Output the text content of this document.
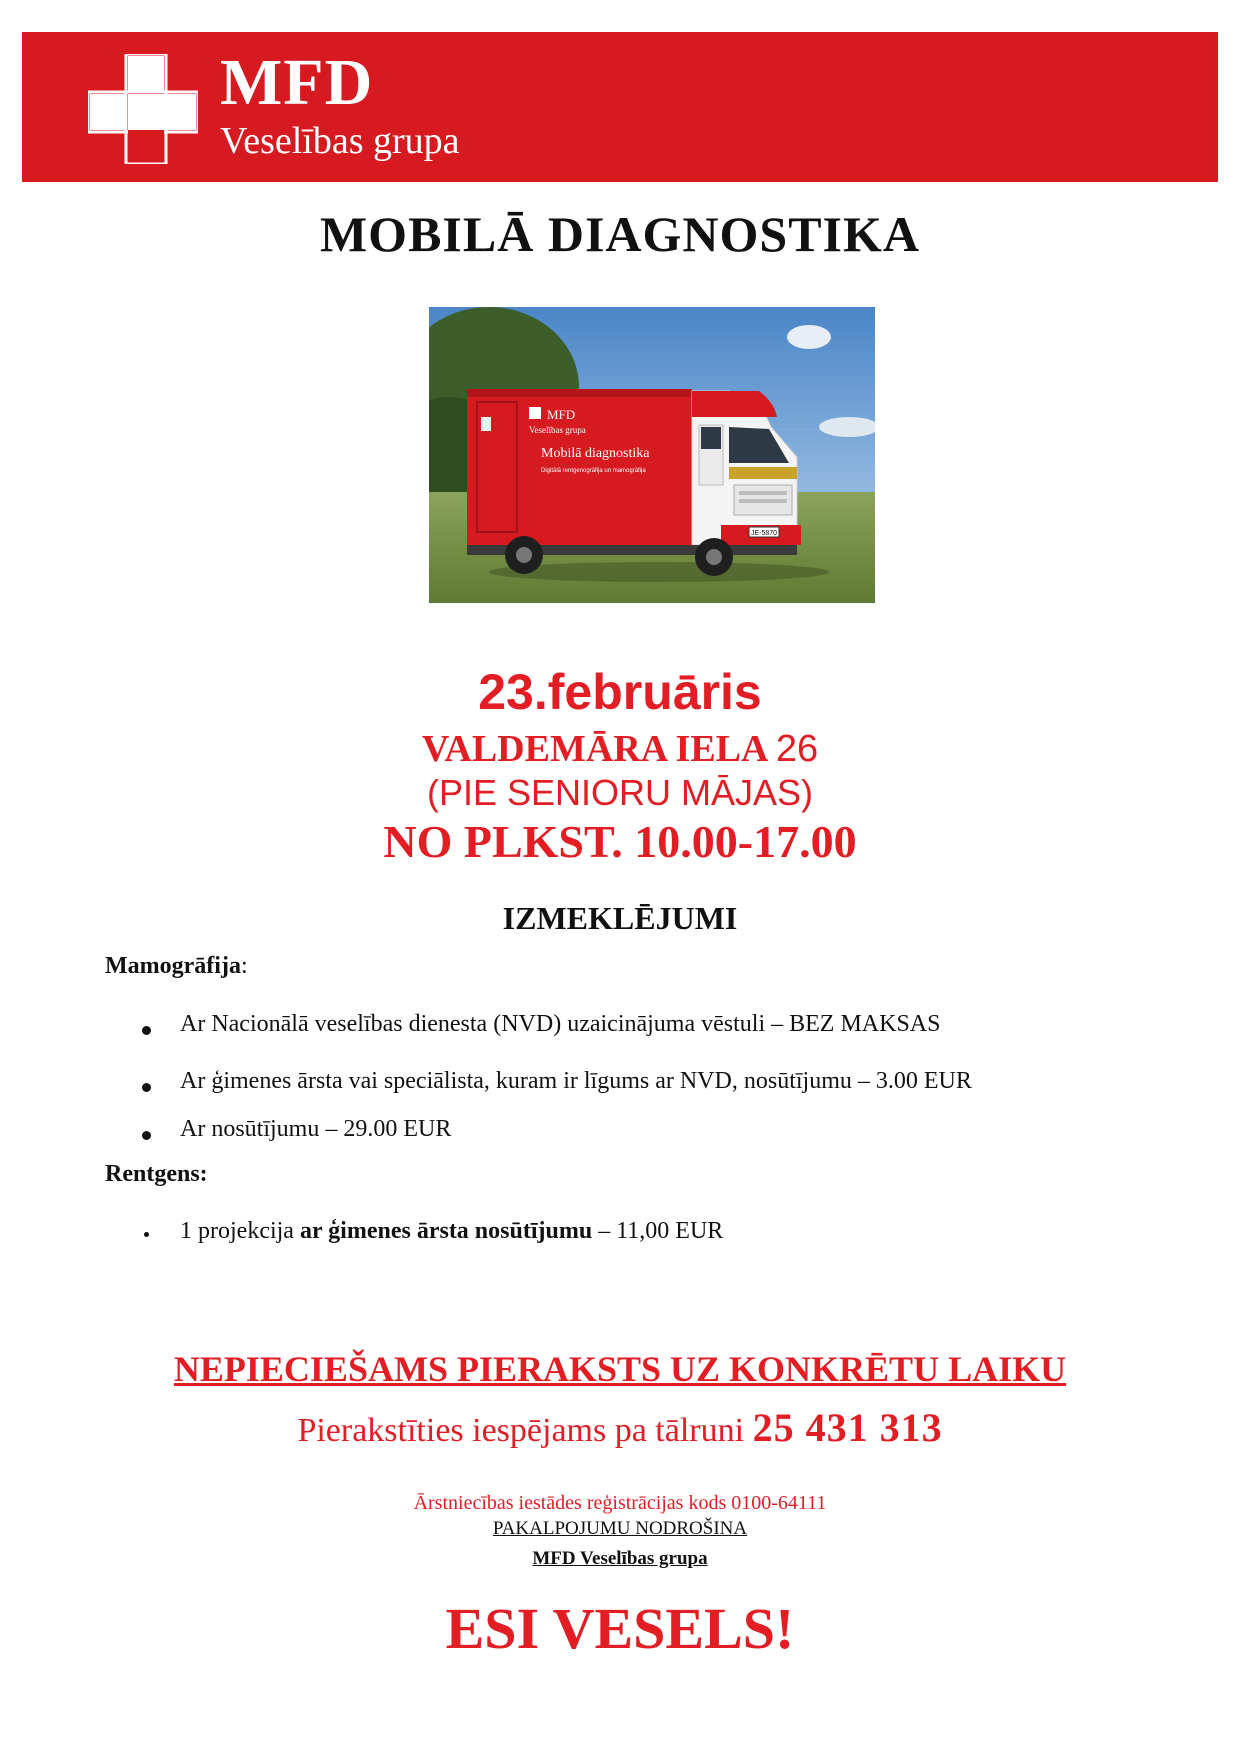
MFD
Veselības grupa
MOBILĀ DIAGNOSTIKA
MFD
Veselības grupa
Mobilā diagnostika
Digitālā rentgenogrāfija un mamogrāfija
JE-5870
23.februāris
VALDEMĀRA IELA 26
(PIE SENIORU MĀJAS)
NO PLKST. 10.00-17.00
IZMEKLĒJUMI
Mamogrāfija:
Ar Nacionālā veselības dienesta (NVD) uzaicinājuma vēstuli – BEZ MAKSAS
Ar ģimenes ārsta vai speciālista, kuram ir līgums ar NVD, nosūtījumu – 3.00 EUR
Ar nosūtījumu – 29.00 EUR
Rentgens:
1 projekcija ar ģimenes ārsta nosūtījumu – 11,00 EUR
NEPIECIEŠAMS PIERAKSTS UZ KONKRĒTU LAIKU
Pierakstīties iespējams pa tālruni 25 431 313
Ārstniecības iestādes reģistrācijas kods 0100-64111
PAKALPOJUMU NODROŠINA
MFD Veselības grupa
ESI VESELS!
